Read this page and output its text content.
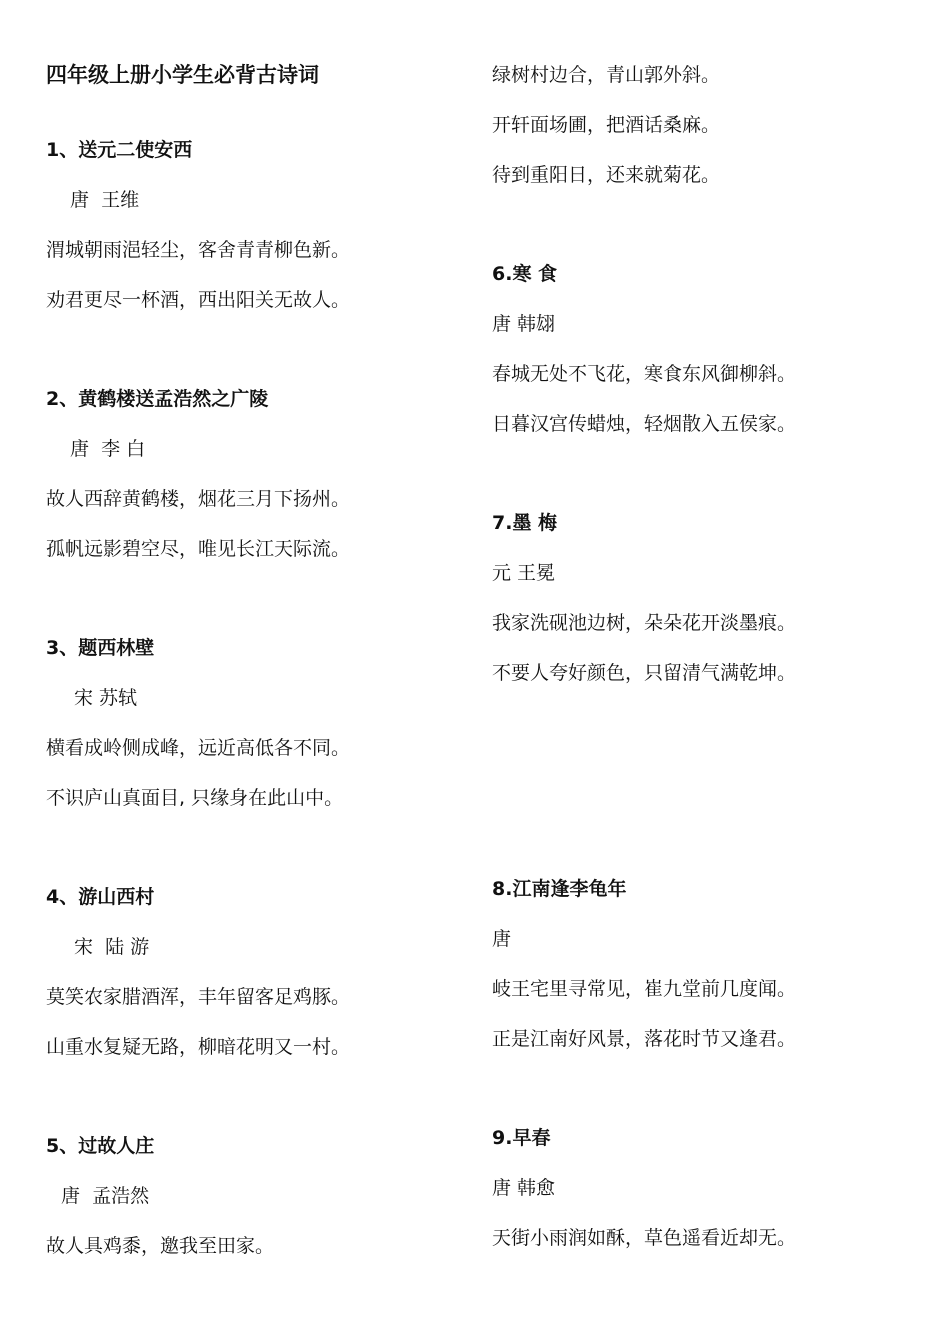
四年级上册小学生必背古诗词
1、送元二使安西
唐  王维
渭城朝雨浥轻尘，客舍青青柳色新。
劝君更尽一杯酒，西出阳关无故人。
2、黄鹤楼送孟浩然之广陵
唐  李 白
故人西辞黄鹤楼，烟花三月下扬州。
孤帆远影碧空尽，唯见长江天际流。
3、题西林壁
宋 苏轼
横看成岭侧成峰，远近高低各不同。
不识庐山真面目, 只缘身在此山中。
4、游山西村
宋  陆 游
莫笑农家腊酒浑，丰年留客足鸡豚。
山重水复疑无路，柳暗花明又一村。
5、过故人庄
唐  孟浩然
故人具鸡黍，邀我至田家。
绿树村边合，青山郭外斜。
开轩面场圃，把酒话桑麻。
待到重阳日，还来就菊花。
6.寒 食
唐 韩翃
春城无处不飞花，寒食东风御柳斜。
日暮汉宫传蜡烛，轻烟散入五侯家。
7.墨 梅
元 王冕
我家洗砚池边树，朵朵花开淡墨痕。
不要人夸好颜色，只留清气满乾坤。
8.江南逢李龟年
唐
岐王宅里寻常见，崔九堂前几度闻。
正是江南好风景，落花时节又逢君。
9.早春
唐 韩愈
天街小雨润如酥，草色遥看近却无。
